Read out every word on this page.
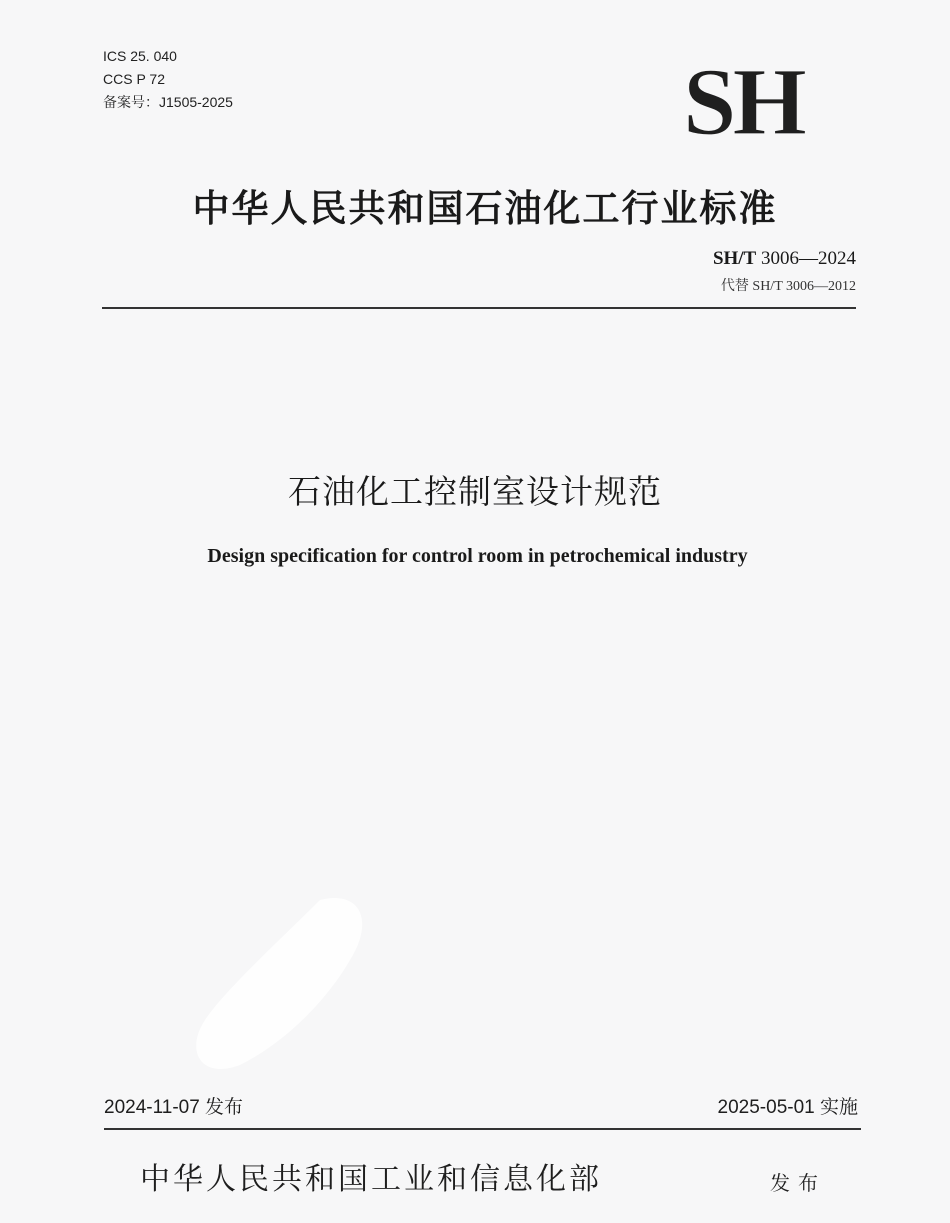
ICS 25. 040
CCS P 72
备案号：J1505-2025	SH
中华人民共和国石油化工行业标准
SH/T 3006—2024
代替 SH/T 3006—2012
石油化工控制室设计规范
Design specification for control room in petrochemical industry
2024-11-07 发布	2025-05-01 实施
中华人民共和国工业和信息化部	发布
